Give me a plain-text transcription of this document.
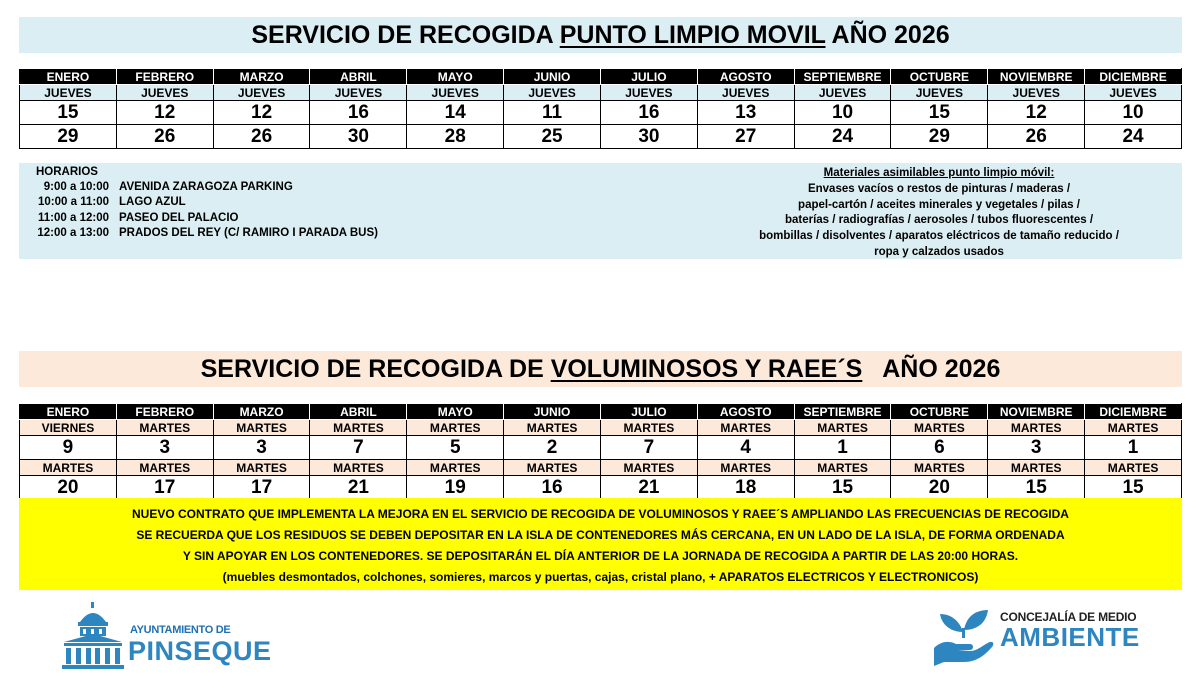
SERVICIO DE RECOGIDA PUNTO LIMPIO MOVIL AÑO 2026
ENERO	FEBRERO	MARZO	ABRIL	MAYO	JUNIO	JULIO	AGOSTO	SEPTIEMBRE	OCTUBRE	NOVIEMBRE	DICIEMBRE
JUEVES	JUEVES	JUEVES	JUEVES	JUEVES	JUEVES	JUEVES	JUEVES	JUEVES	JUEVES	JUEVES	JUEVES
15	12	12	16	14	11	16	13	10	15	12	10
29	26	26	30	28	25	30	27	24	29	26	24
HORARIOS
9:00 a 10:00 AVENIDA ZARAGOZA PARKING
10:00 a 11:00 LAGO AZUL
11:00 a 12:00 PASEO DEL PALACIO
12:00 a 13:00 PRADOS DEL REY (C/ RAMIRO I PARADA BUS)
Materiales asimilables punto limpio móvil:
Envases vacíos o restos de pinturas / maderas /
papel-cartón / aceites minerales y vegetales / pilas /
baterías / radiografías / aerosoles / tubos fluorescentes /
bombillas / disolventes / aparatos eléctricos de tamaño reducido /
ropa y calzados usados
SERVICIO DE RECOGIDA DE VOLUMINOSOS Y RAEE´S   AÑO 2026
ENERO	FEBRERO	MARZO	ABRIL	MAYO	JUNIO	JULIO	AGOSTO	SEPTIEMBRE	OCTUBRE	NOVIEMBRE	DICIEMBRE
VIERNES	MARTES	MARTES	MARTES	MARTES	MARTES	MARTES	MARTES	MARTES	MARTES	MARTES	MARTES
9	3	3	7	5	2	7	4	1	6	3	1
MARTES	MARTES	MARTES	MARTES	MARTES	MARTES	MARTES	MARTES	MARTES	MARTES	MARTES	MARTES
20	17	17	21	19	16	21	18	15	20	15	15
NUEVO CONTRATO QUE IMPLEMENTA LA MEJORA EN EL SERVICIO DE RECOGIDA DE VOLUMINOSOS Y RAEE´S AMPLIANDO LAS FRECUENCIAS DE RECOGIDA
SE RECUERDA QUE LOS RESIDUOS SE DEBEN DEPOSITAR EN LA ISLA DE CONTENEDORES MÁS CERCANA, EN UN LADO DE LA ISLA, DE FORMA ORDENADA
Y SIN APOYAR EN LOS CONTENEDORES. SE DEPOSITARÁN EL DÍA ANTERIOR DE LA JORNADA DE RECOGIDA A PARTIR DE LAS 20:00 HORAS.
(muebles desmontados, colchones, somieres, marcos y puertas, cajas, cristal plano, + APARATOS ELECTRICOS Y ELECTRONICOS)
AYUNTAMIENTO DE
PINSEQUE
CONCEJALÍA DE MEDIO
AMBIENTE
